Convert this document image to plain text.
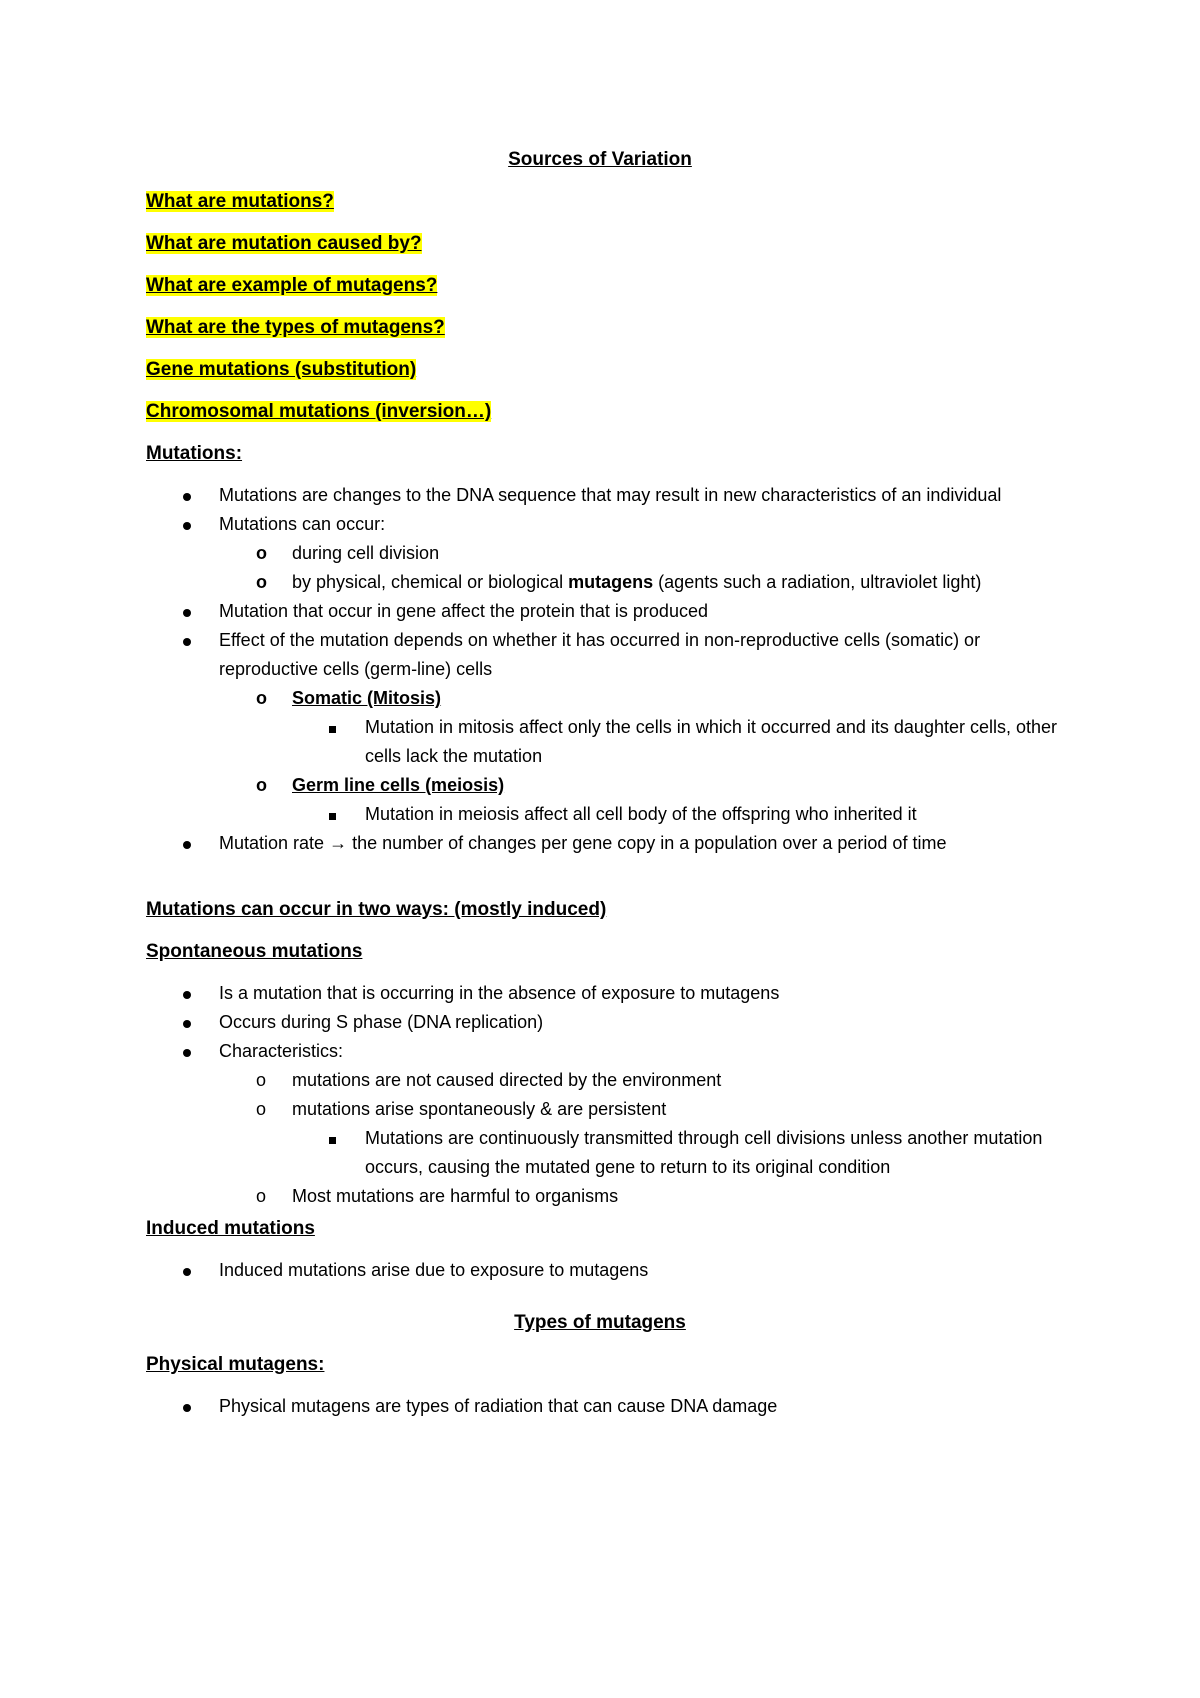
Sources of Variation
What are mutations?
What are mutation caused by?
What are example of mutagens?
What are the types of mutagens?
Gene mutations (substitution)
Chromosomal mutations (inversion…)
Mutations:
Mutations are changes to the DNA sequence that may result in new characteristics of an individual
Mutations can occur:
o during cell division
o by physical, chemical or biological mutagens (agents such a radiation, ultraviolet light)
Mutation that occur in gene affect the protein that is produced
Effect of the mutation depends on whether it has occurred in non-reproductive cells (somatic) or reproductive cells (germ-line) cells
o Somatic (Mitosis)
Mutation in mitosis affect only the cells in which it occurred and its daughter cells, other cells lack the mutation
o Germ line cells (meiosis)
Mutation in meiosis affect all cell body of the offspring who inherited it
Mutation rate → the number of changes per gene copy in a population over a period of time
Mutations can occur in two ways: (mostly induced)
Spontaneous mutations
Is a mutation that is occurring in the absence of exposure to mutagens
Occurs during S phase (DNA replication)
Characteristics:
o mutations are not caused directed by the environment
o mutations arise spontaneously & are persistent
Mutations are continuously transmitted through cell divisions unless another mutation occurs, causing the mutated gene to return to its original condition
o Most mutations are harmful to organisms
Induced mutations
Induced mutations arise due to exposure to mutagens
Types of mutagens
Physical mutagens:
Physical mutagens are types of radiation that can cause DNA damage
